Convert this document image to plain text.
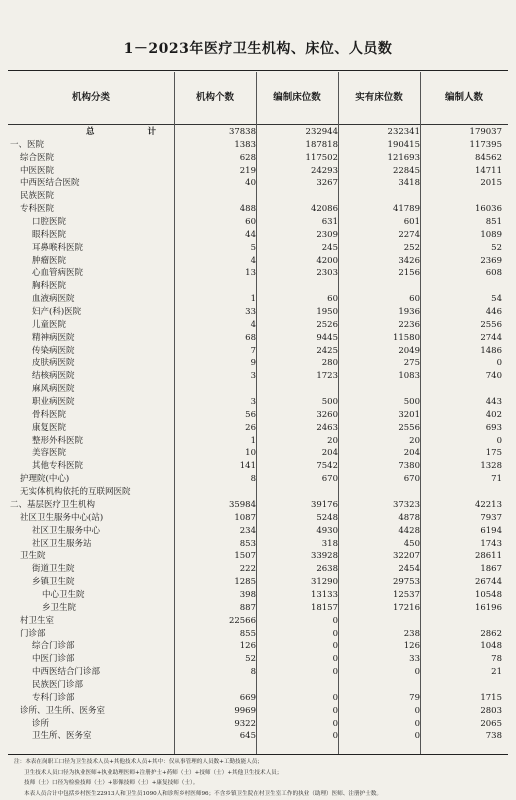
1－2023年医疗卫生机构、床位、人员数
机构分类	机构个数	编制床位数	实有床位数	编制人数
总　　计	37838	232944	232341	179037
一、医院	1383	187818	190415	117395
综合医院	628	117502	121693	84562
中医医院	219	24293	22845	14711
中西医结合医院	40	3267	3418	2015
民族医院
专科医院	488	42086	41789	16036
口腔医院	60	631	601	851
眼科医院	44	2309	2274	1089
耳鼻喉科医院	5	245	252	52
肿瘤医院	4	4200	3426	2369
心血管病医院	13	2303	2156	608
胸科医院
血液病医院	1	60	60	54
妇产(科)医院	33	1950	1936	446
儿童医院	4	2526	2236	2556
精神病医院	68	9445	11580	2744
传染病医院	7	2425	2049	1486
皮肤病医院	9	280	275	0
结核病医院	3	1723	1083	740
麻风病医院
职业病医院	3	500	500	443
骨科医院	56	3260	3201	402
康复医院	26	2463	2556	693
整形外科医院	1	20	20	0
美容医院	10	204	204	175
其他专科医院	141	7542	7380	1328
护理院(中心)	8	670	670	71
无实体机构依托的互联网医院
二、基层医疗卫生机构	35984	39176	37323	42213
社区卫生服务中心(站)	1087	5248	4878	7937
社区卫生服务中心	234	4930	4428	6194
社区卫生服务站	853	318	450	1743
卫生院	1507	33928	32207	28611
街道卫生院	222	2638	2454	1867
乡镇卫生院	1285	31290	29753	26744
中心卫生院	398	13133	12537	10548
乡卫生院	887	18157	17216	16196
村卫生室	22566	0
门诊部	855	0	238	2862
综合门诊部	126	0	126	1048
中医门诊部	52	0	33	78
中西医结合门诊部	8	0	0	21
民族医门诊部
专科门诊部	669	0	79	1715
诊所、卫生所、医务室	9969	0	0	2803
诊所	9322	0	0	2065
卫生所、医务室	645	0	0	738
注：本表在岗职工口径为卫生技术人员+其他技术人员+其中：仅从事管理的人员数+工勤技能人员；
卫生技术人员口径为执业医师+执业助理医师+注册护士+药师（士）+技师（士）+其他卫生技术人员；
技师（士）口径为检验技师（士）+影像技师（士）+康复技师（士）。
本表人员合计中包括乡村医生22913人和卫生员1090人和诊所乡村医师96；不含乡镇卫生院在村卫生室工作的执业（助理）医师、注册护士数。
